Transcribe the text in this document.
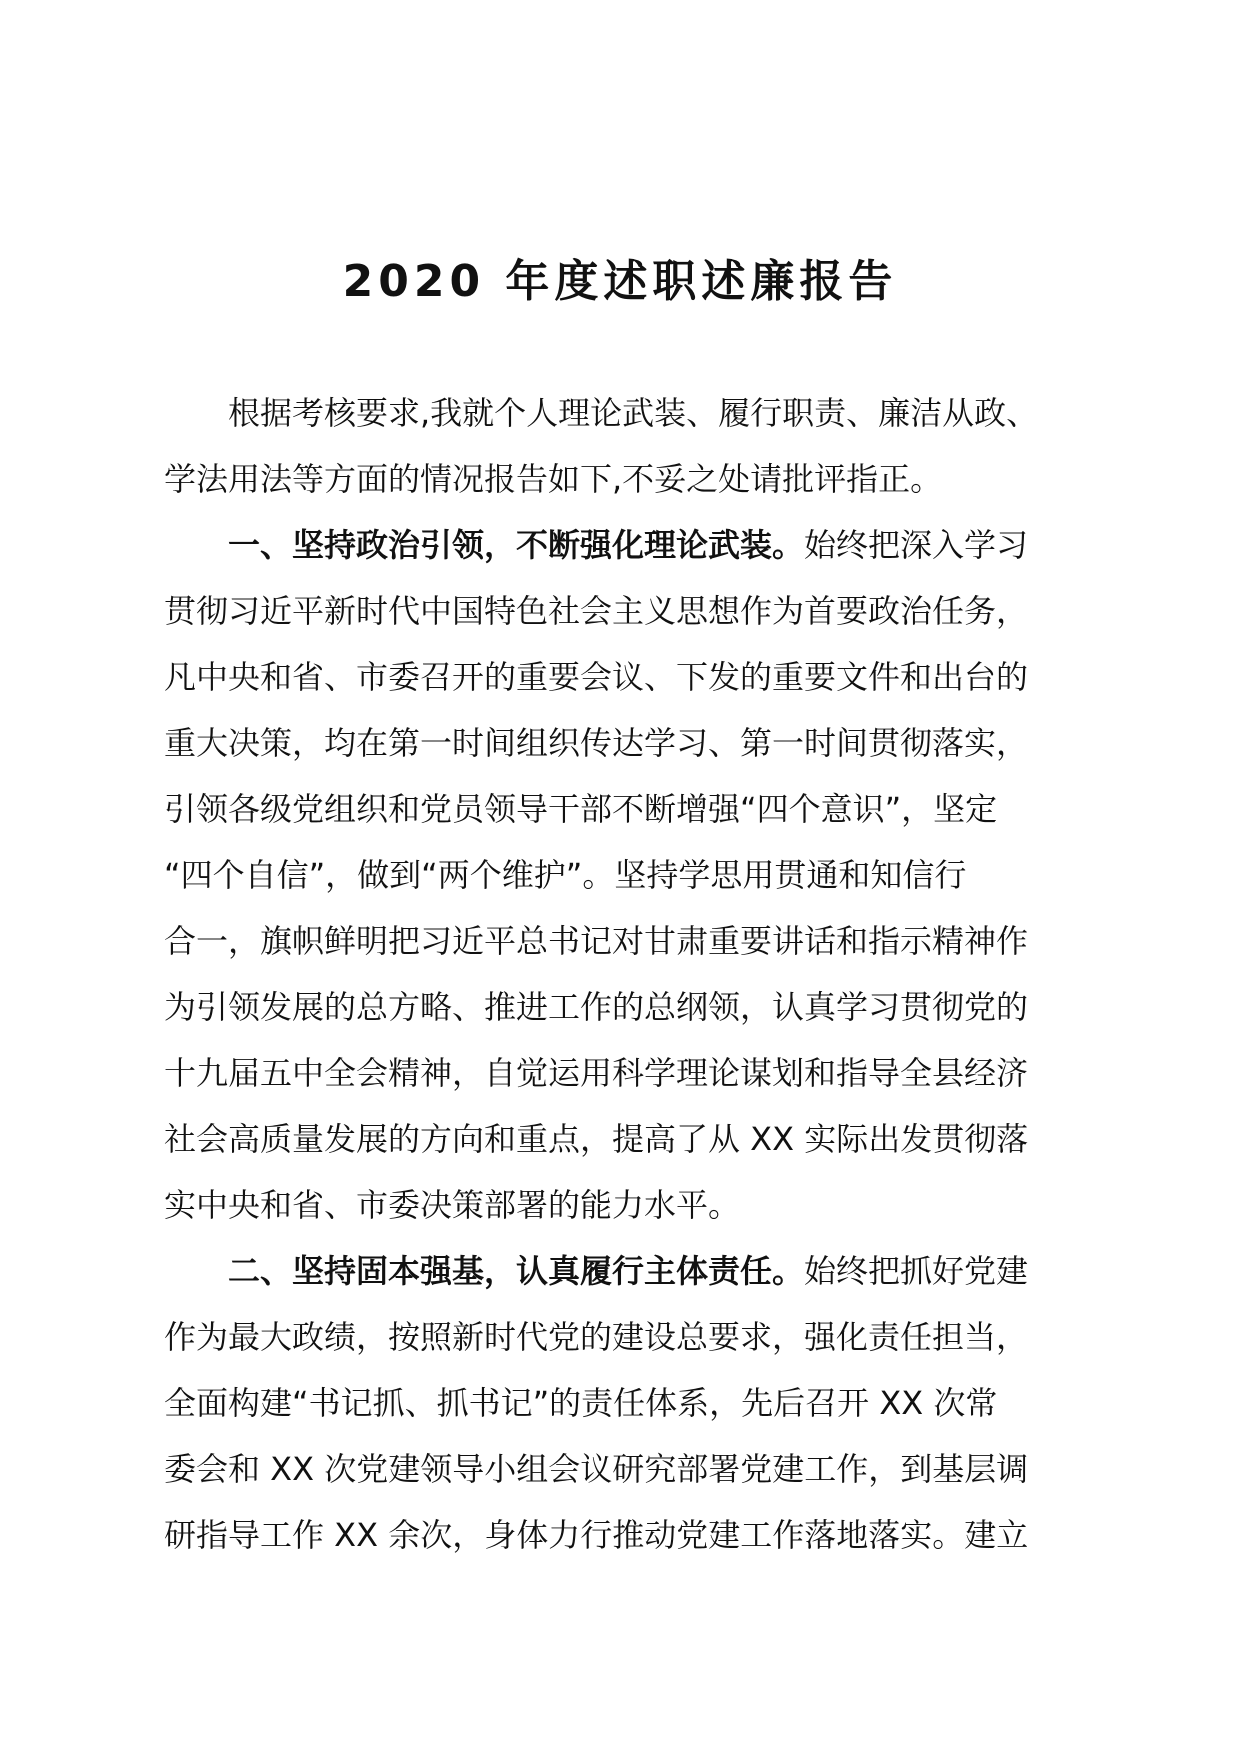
2020 年度述职述廉报告
　　根据考核要求,我就个人理论武装、履行职责、廉洁从政、
学法用法等方面的情况报告如下,不妥之处请批评指正。
　　一、坚持政治引领，不断强化理论武装。始终把深入学习
贯彻习近平新时代中国特色社会主义思想作为首要政治任务，
凡中央和省、市委召开的重要会议、下发的重要文件和出台的
重大决策，均在第一时间组织传达学习、第一时间贯彻落实，
引领各级党组织和党员领导干部不断增强“四个意识”，坚定
“四个自信”，做到“两个维护”。坚持学思用贯通和知信行
合一，旗帜鲜明把习近平总书记对甘肃重要讲话和指示精神作
为引领发展的总方略、推进工作的总纲领，认真学习贯彻党的
十九届五中全会精神，自觉运用科学理论谋划和指导全县经济
社会高质量发展的方向和重点，提高了从 XX 实际出发贯彻落
实中央和省、市委决策部署的能力水平。
　　二、坚持固本强基，认真履行主体责任。始终把抓好党建
作为最大政绩，按照新时代党的建设总要求，强化责任担当，
全面构建“书记抓、抓书记”的责任体系，先后召开 XX 次常
委会和 XX 次党建领导小组会议研究部署党建工作，到基层调
研指导工作 XX 余次，身体力行推动党建工作落地落实。建立
